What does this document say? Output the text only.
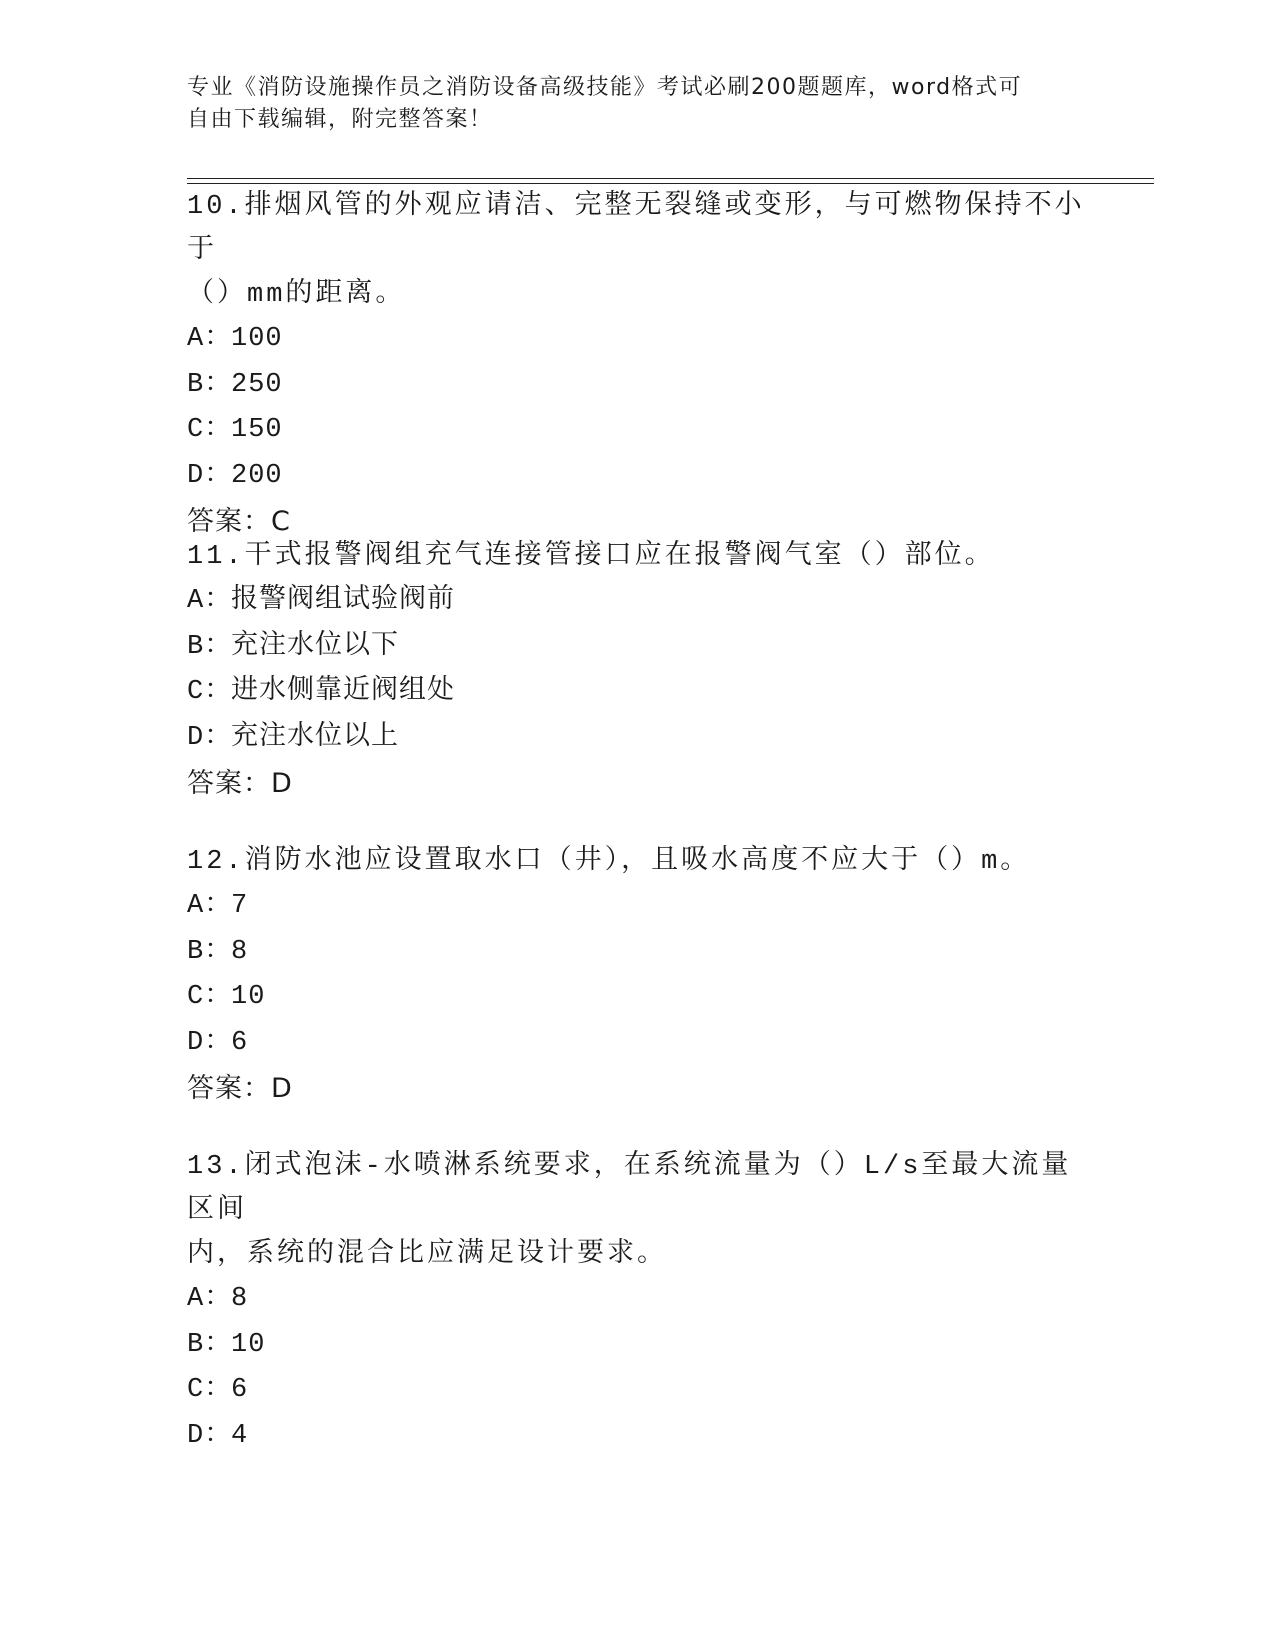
专业《消防设施操作员之消防设备高级技能》考试必刷200题题库，word格式可
自由下载编辑，附完整答案！
10.排烟风管的外观应请洁、完整无裂缝或变形，与可燃物保持不小于
（）mm的距离。
A：100
B：250
C：150
D：200
答案：C
11.干式报警阀组充气连接管接口应在报警阀气室（）部位。
A：报警阀组试验阀前
B：充注水位以下
C：进水侧靠近阀组处
D：充注水位以上
答案：D
12.消防水池应设置取水口（井），且吸水高度不应大于（）m。
A：7
B：8
C：10
D：6
答案：D
13.闭式泡沫-水喷淋系统要求，在系统流量为（）L/s至最大流量区间
内，系统的混合比应满足设计要求。
A：8
B：10
C：6
D：4
